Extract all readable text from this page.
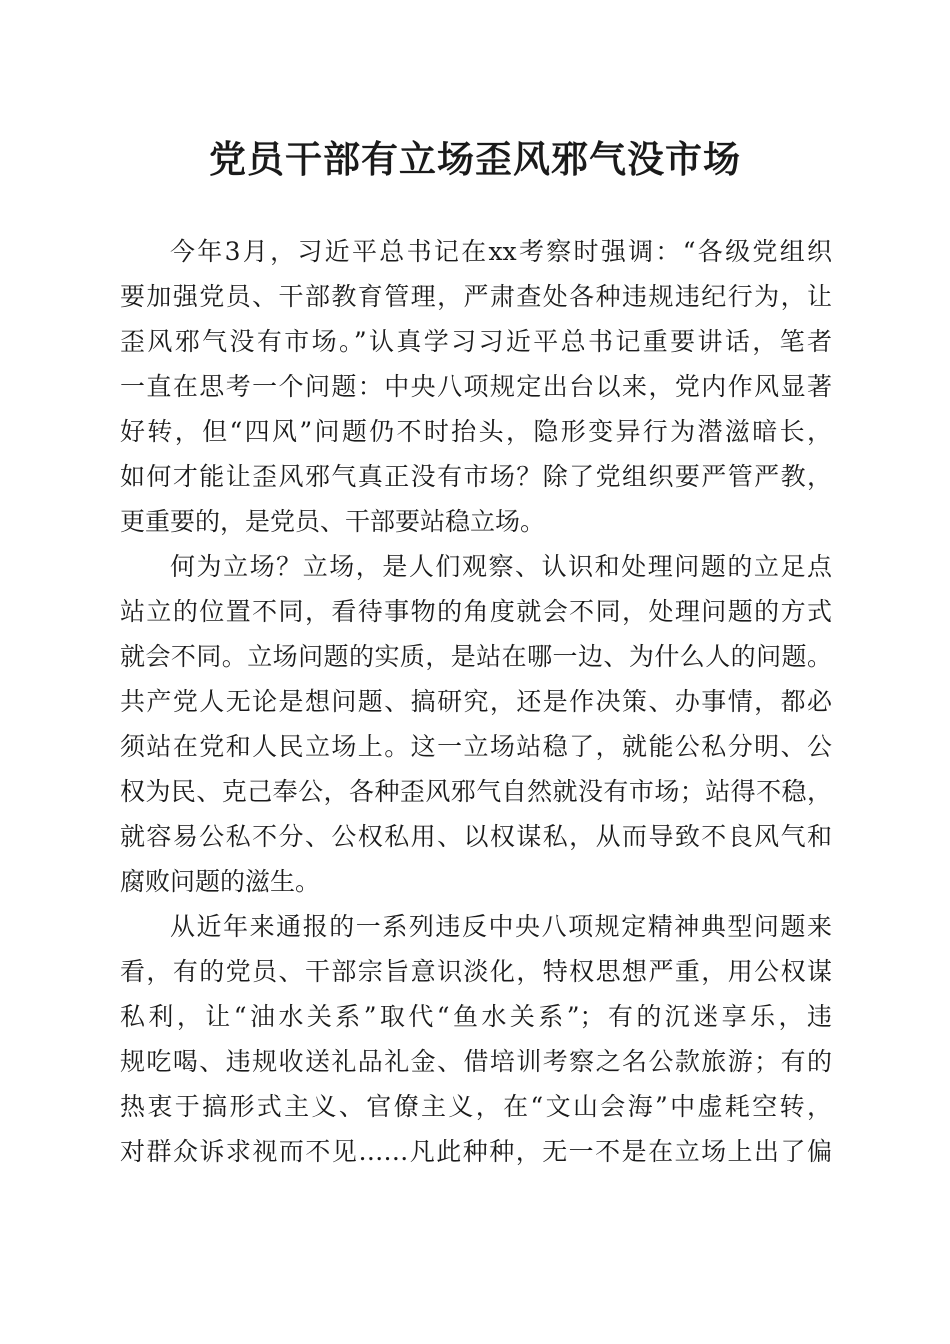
党员干部有立场歪风邪气没市场
今年3月，习近平总书记在xx考察时强调：“各级党组织
要加强党员、干部教育管理，严肃查处各种违规违纪行为，让
歪风邪气没有市场。”认真学习习近平总书记重要讲话，笔者
一直在思考一个问题：中央八项规定出台以来，党内作风显著
好转，但“四风”问题仍不时抬头，隐形变异行为潜滋暗长，
如何才能让歪风邪气真正没有市场？除了党组织要严管严教，
更重要的，是党员、干部要站稳立场。
何为立场？立场，是人们观察、认识和处理问题的立足点
站立的位置不同，看待事物的角度就会不同，处理问题的方式
就会不同。立场问题的实质，是站在哪一边、为什么人的问题。
共产党人无论是想问题、搞研究，还是作决策、办事情，都必
须站在党和人民立场上。这一立场站稳了，就能公私分明、公
权为民、克己奉公，各种歪风邪气自然就没有市场；站得不稳，
就容易公私不分、公权私用、以权谋私，从而导致不良风气和
腐败问题的滋生。
从近年来通报的一系列违反中央八项规定精神典型问题来
看，有的党员、干部宗旨意识淡化，特权思想严重，用公权谋
私利，让“油水关系”取代“鱼水关系”；有的沉迷享乐，违
规吃喝、违规收送礼品礼金、借培训考察之名公款旅游；有的
热衷于搞形式主义、官僚主义，在“文山会海”中虚耗空转，
对群众诉求视而不见……凡此种种，无一不是在立场上出了偏
